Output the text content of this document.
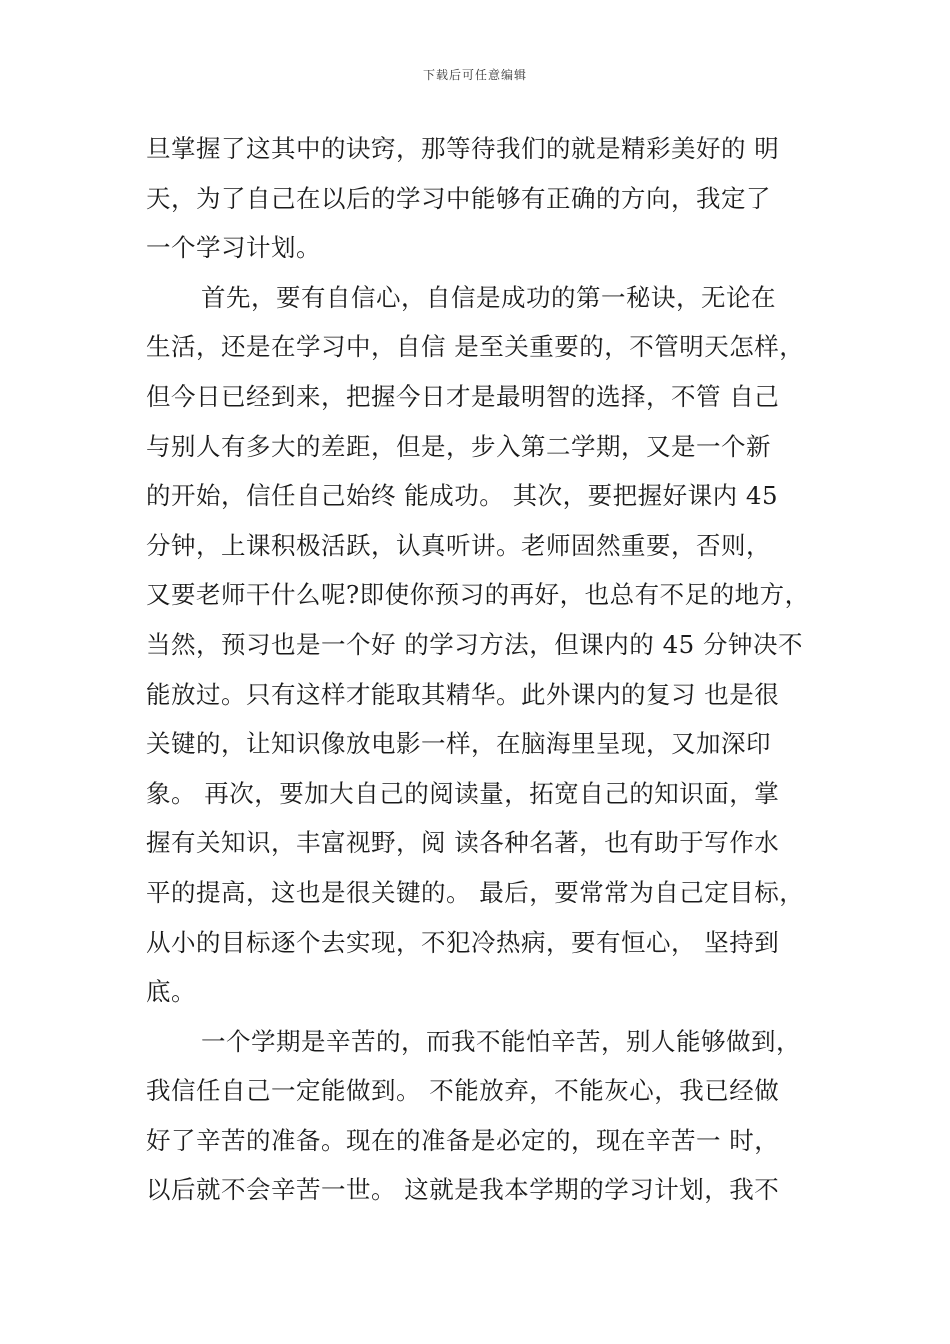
下载后可任意编辑
旦掌握了这其中的诀窍，那等待我们的就是精彩美好的 明
天，为了自己在以后的学习中能够有正确的方向，我定了
一个学习计划。
首先，要有自信心，自信是成功的第一秘诀，无论在
生活，还是在学习中，自信 是至关重要的，不管明天怎样，
但今日已经到来，把握今日才是最明智的选择，不管 自己
与别人有多大的差距，但是，步入第二学期，又是一个新
的开始，信任自己始终 能成功。 其次，要把握好课内 45
分钟，上课积极活跃，认真听讲。老师固然重要，否则，
又要老师干什么呢?即使你预习的再好，也总有不足的地方，
当然，预习也是一个好 的学习方法，但课内的 45 分钟决不
能放过。只有这样才能取其精华。此外课内的复习 也是很
关键的，让知识像放电影一样，在脑海里呈现，又加深印
象。 再次，要加大自己的阅读量，拓宽自己的知识面，掌
握有关知识，丰富视野，阅 读各种名著，也有助于写作水
平的提高，这也是很关键的。 最后，要常常为自己定目标，
从小的目标逐个去实现，不犯冷热病，要有恒心， 坚持到
底。
一个学期是辛苦的，而我不能怕辛苦，别人能够做到，
我信任自己一定能做到。 不能放弃，不能灰心，我已经做
好了辛苦的准备。现在的准备是必定的，现在辛苦一 时，
以后就不会辛苦一世。 这就是我本学期的学习计划，我不
